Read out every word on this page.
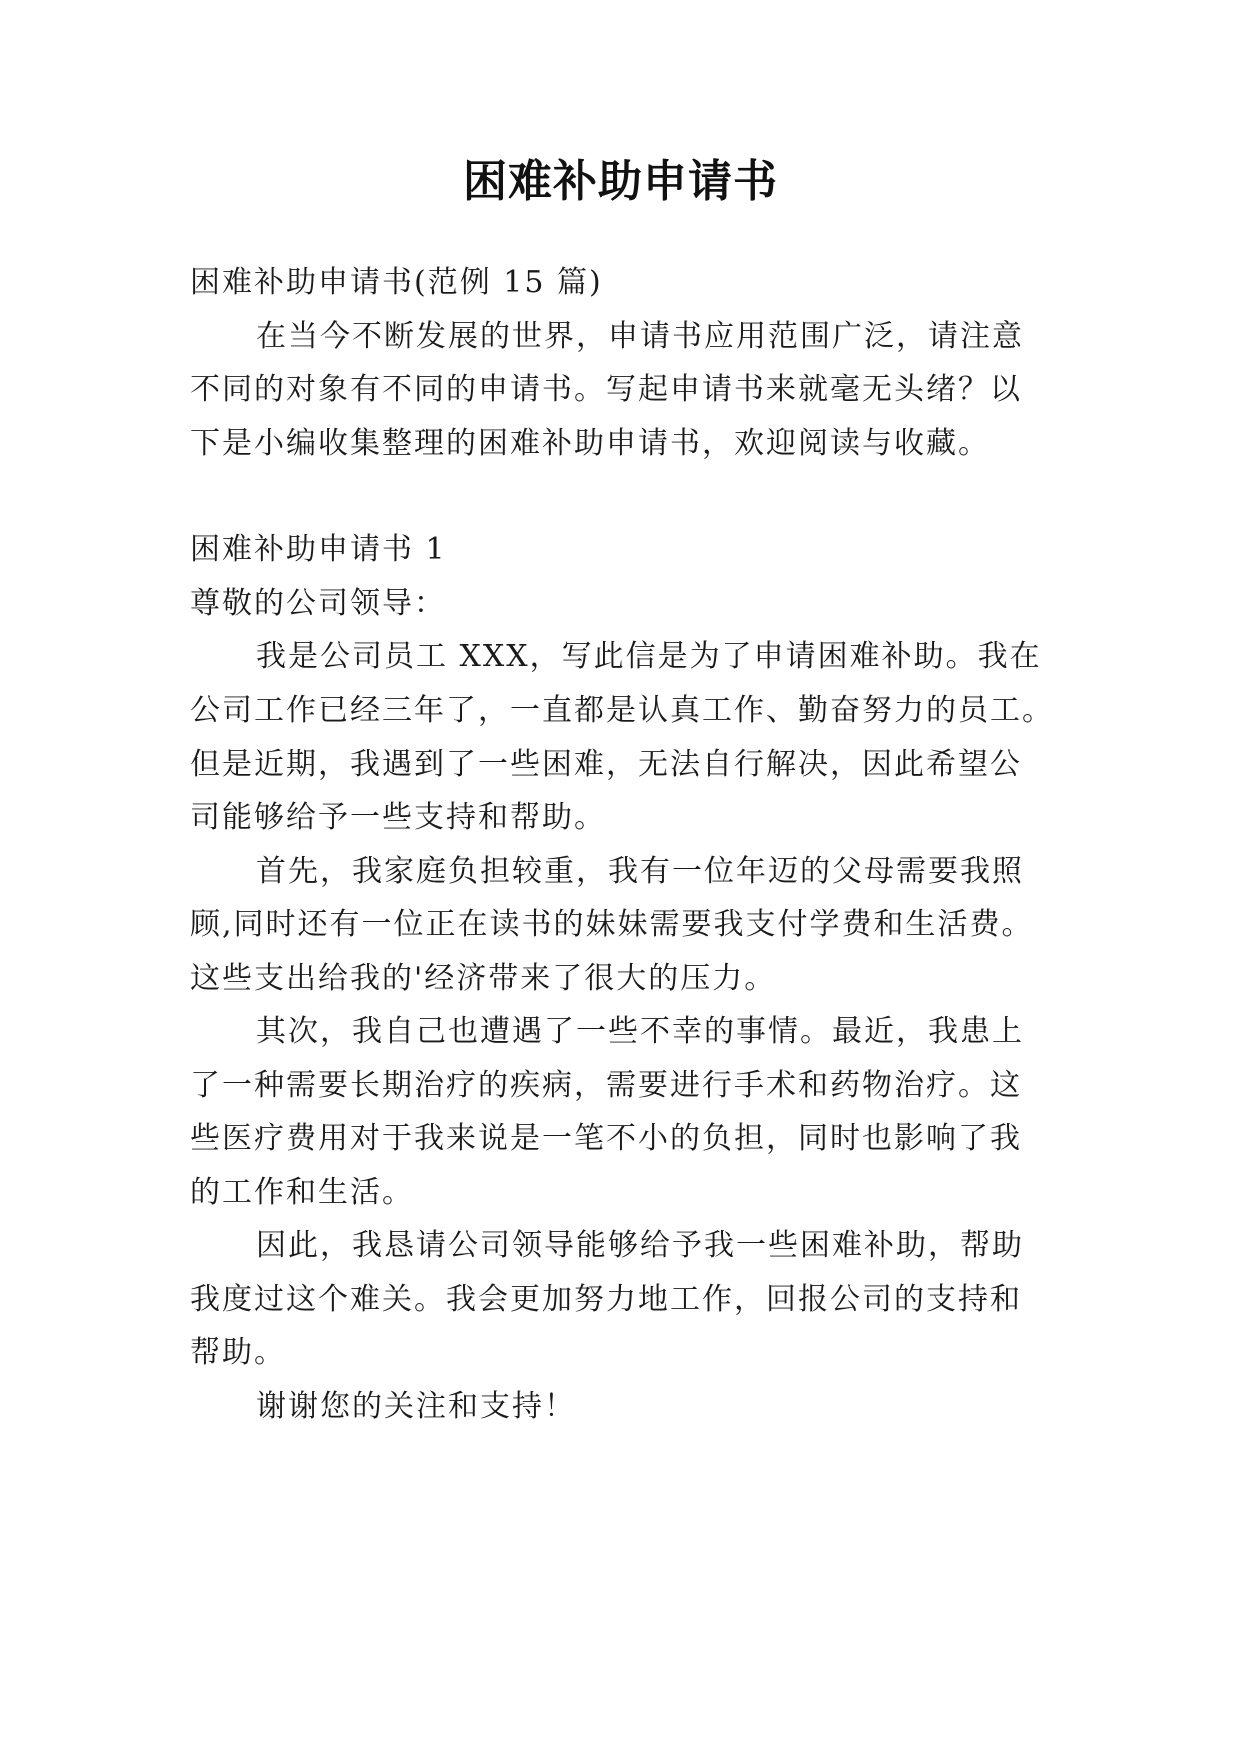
困难补助申请书
困难补助申请书(范例 15 篇)
在当今不断发展的世界，申请书应用范围广泛，请注意
不同的对象有不同的申请书。写起申请书来就毫无头绪？以
下是小编收集整理的困难补助申请书，欢迎阅读与收藏。
困难补助申请书 1
尊敬的公司领导：
我是公司员工 XXX，写此信是为了申请困难补助。我在
公司工作已经三年了，一直都是认真工作、勤奋努力的员工。
但是近期，我遇到了一些困难，无法自行解决，因此希望公
司能够给予一些支持和帮助。
首先，我家庭负担较重，我有一位年迈的父母需要我照
顾,同时还有一位正在读书的妹妹需要我支付学费和生活费。
这些支出给我的'经济带来了很大的压力。
其次，我自己也遭遇了一些不幸的事情。最近，我患上
了一种需要长期治疗的疾病，需要进行手术和药物治疗。这
些医疗费用对于我来说是一笔不小的负担，同时也影响了我
的工作和生活。
因此，我恳请公司领导能够给予我一些困难补助，帮助
我度过这个难关。我会更加努力地工作，回报公司的支持和
帮助。
谢谢您的关注和支持！
